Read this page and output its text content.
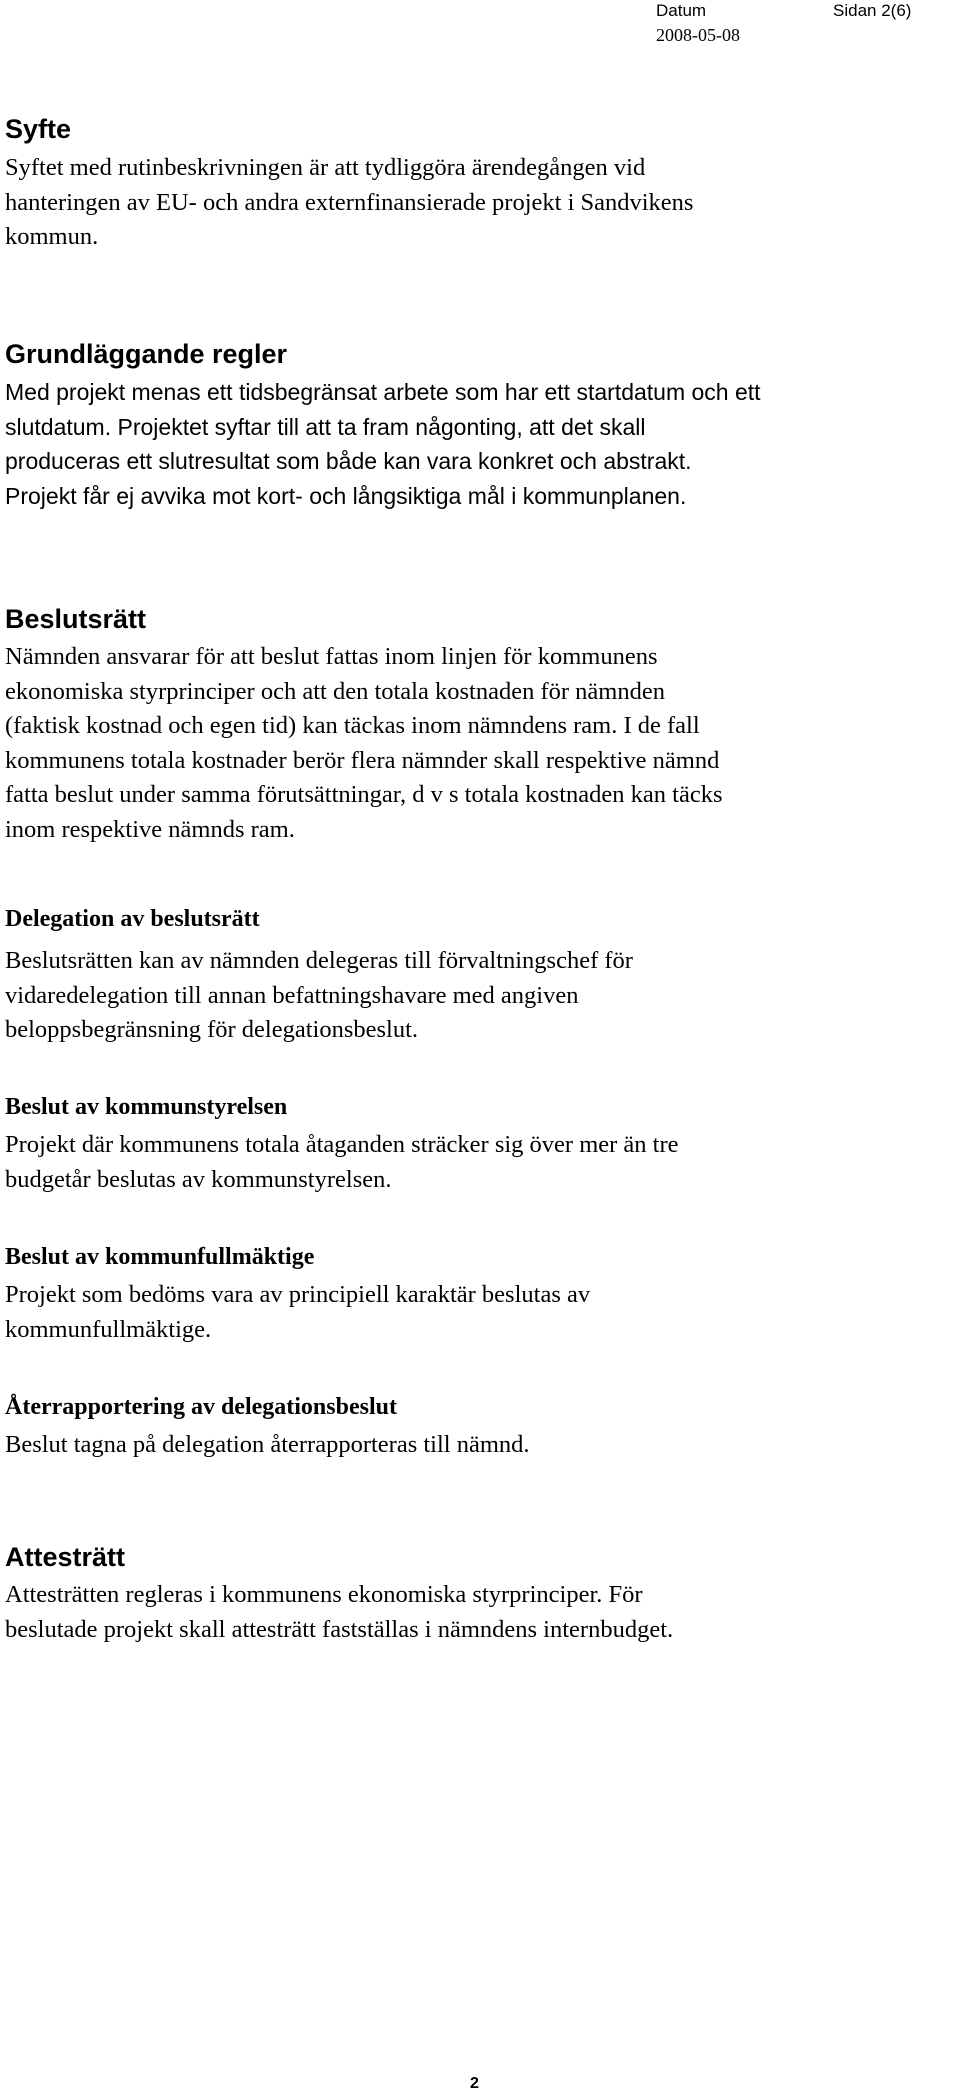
Datum	Sidan 2(6)
2008-05-08
Syfte

Syftet med rutinbeskrivningen är att tydliggöra ärendegången vid
hanteringen av EU- och andra externfinansierade projekt i Sandvikens
kommun.

Grundläggande regler

Med projekt menas ett tidsbegränsat arbete som har ett startdatum och ett
slutdatum. Projektet syftar till att ta fram någonting, att det skall
produceras ett slutresultat som både kan vara konkret och abstrakt.
Projekt får ej avvika mot kort- och långsiktiga mål i kommunplanen.

Beslutsrätt

Nämnden ansvarar för att beslut fattas inom linjen för kommunens
ekonomiska styrprinciper och att den totala kostnaden för nämnden
(faktisk kostnad och egen tid) kan täckas inom nämndens ram. I de fall
kommunens totala kostnader berör flera nämnder skall respektive nämnd
fatta beslut under samma förutsättningar, d v s totala kostnaden kan täcks
inom respektive nämnds ram.

Delegation av beslutsrätt

Beslutsrätten kan av nämnden delegeras till förvaltningschef för
vidaredelegation till annan befattningshavare med angiven
beloppsbegränsning för delegationsbeslut.

Beslut av kommunstyrelsen

Projekt där kommunens totala åtaganden sträcker sig över mer än tre
budgetår beslutas av kommunstyrelsen.

Beslut av kommunfullmäktige

Projekt som bedöms vara av principiell karaktär beslutas av
kommunfullmäktige.

Återrapportering av delegationsbeslut

Beslut tagna på delegation återrapporteras till nämnd.

Attesträtt

Attesträtten regleras i kommunens ekonomiska styrprinciper. För
beslutade projekt skall attesträtt fastställas i nämndens internbudget.

2
